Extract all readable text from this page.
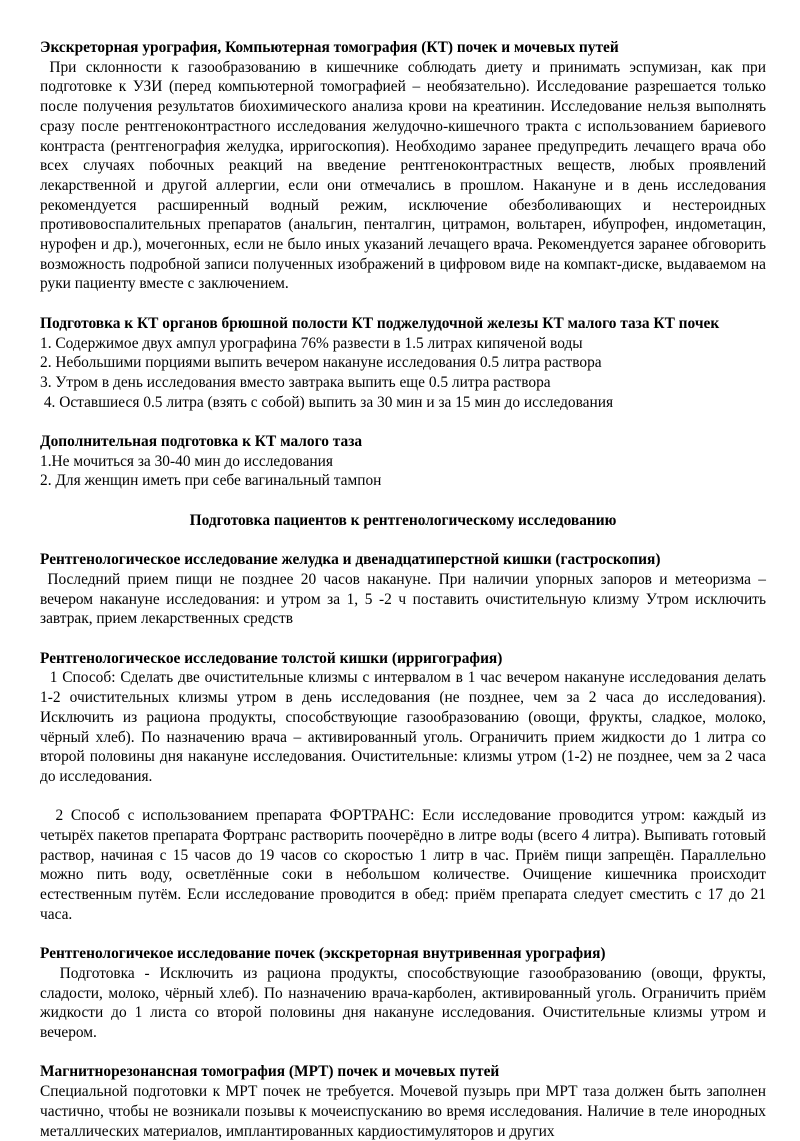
Экскреторная урография, Компьютерная томография (КТ) почек и мочевых путей

При склонности к газообразованию в кишечнике соблюдать диету и принимать эспумизан, как при подготовке к УЗИ (перед компьютерной томографией – необязательно). Исследование разрешается только после получения результатов биохимического анализа крови на креатинин. Исследование нельзя выполнять сразу после рентгеноконтрастного исследования желудочно-кишечного тракта с использованием бариевого контраста (рентгенография желудка, ирригоскопия). Необходимо заранее предупредить лечащего врача обо всех случаях побочных реакций на введение рентгеноконтрастных веществ, любых проявлений лекарственной и другой аллергии, если они отмечались в прошлом. Накануне и в день исследования рекомендуется расширенный водный режим, исключение обезболивающих и нестероидных противовоспалительных препаратов (анальгин, пенталгин, цитрамон, вольтарен, ибупрофен, индометацин, нурофен и др.), мочегонных, если не было иных указаний лечащего врача. Рекомендуется заранее обговорить возможность подробной записи полученных изображений в цифровом виде на компакт-диске, выдаваемом на руки пациенту вместе с заключением.

Подготовка к КТ органов брюшной полости КТ поджелудочной железы КТ малого таза КТ почек

1. Содержимое двух ампул урографина 76% развести в 1.5 литрах кипяченой воды
2. Небольшими порциями выпить вечером накануне исследования 0.5 литра раствора
3. Утром в день исследования вместо завтрака выпить еще 0.5 литра раствора
4. Оставшиеся 0.5 литра (взять с собой) выпить за 30 мин и за 15 мин до исследования

Дополнительная подготовка к КТ малого таза

1.Не мочиться за 30-40 мин до исследования
2. Для женщин иметь при себе вагинальный тампон

Подготовка пациентов к рентгенологическому исследованию

Рентгенологическое исследование желудка и двенадцатиперстной кишки (гастроскопия)

Последний прием пищи не позднее 20 часов накануне. При наличии упорных запоров и метеоризма – вечером накануне исследования: и утром за 1, 5 -2 ч поставить очистительную клизму Утром исключить завтрак, прием лекарственных средств

Рентгенологическое исследование толстой кишки (ирригография)

1 Способ: Сделать две очистительные клизмы с интервалом в 1 час вечером накануне исследования делать 1-2 очистительных клизмы утром в день исследования (не позднее, чем за 2 часа до исследования). Исключить из рациона продукты, способствующие газообразованию (овощи, фрукты, сладкое, молоко, чёрный хлеб). По назначению врача – активированный уголь. Ограничить прием жидкости до 1 литра со второй половины дня накануне исследования. Очистительные: клизмы утром (1-2) не позднее, чем за 2 часа до исследования.

2 Способ с использованием препарата ФОРТРАНС: Если исследование проводится утром: каждый из четырёх пакетов препарата Фортранс растворить поочерёдно в литре воды (всего 4 литра). Выпивать готовый раствор, начиная с 15 часов до 19 часов со скоростью 1 литр в час. Приём пищи запрещён. Параллельно можно пить воду, осветлённые соки в небольшом количестве. Очищение кишечника происходит естественным путём. Если исследование проводится в обед: приём препарата следует сместить с 17 до 21 часа.

Рентгенологичекое исследование почек (экскреторная внутривенная урография)

Подготовка - Исключить из рациона продукты, способствующие газообразованию (овощи, фрукты, сладости, молоко, чёрный хлеб). По назначению врача-карболен, активированный уголь. Ограничить приём жидкости до 1 листа со второй половины дня накануне исследования. Очистительные клизмы утром и вечером.

Магнитнорезонансная томография (МРТ) почек и мочевых путей

Специальной подготовки к МРТ почек не требуется. Мочевой пузырь при МРТ таза должен быть заполнен частично, чтобы не возникали позывы к мочеиспусканию во время исследования. Наличие в теле инородных металлических материалов, имплантированных кардиостимуляторов и других
